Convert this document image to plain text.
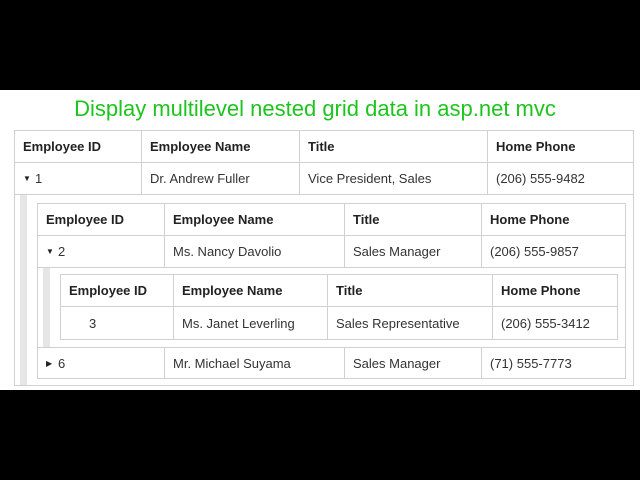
Display multilevel nested grid data in asp.net mvc
Employee ID	Employee Name	Title	Home Phone
▼ 1	Dr. Andrew Fuller	Vice President, Sales	(206) 555-9482
Employee ID	Employee Name	Title	Home Phone
▼ 2	Ms. Nancy Davolio	Sales Manager	(206) 555-9857
Employee ID	Employee Name	Title	Home Phone
3	Ms. Janet Leverling	Sales Representative	(206) 555-3412
▶ 6	Mr. Michael Suyama	Sales Manager	(71) 555-7773
